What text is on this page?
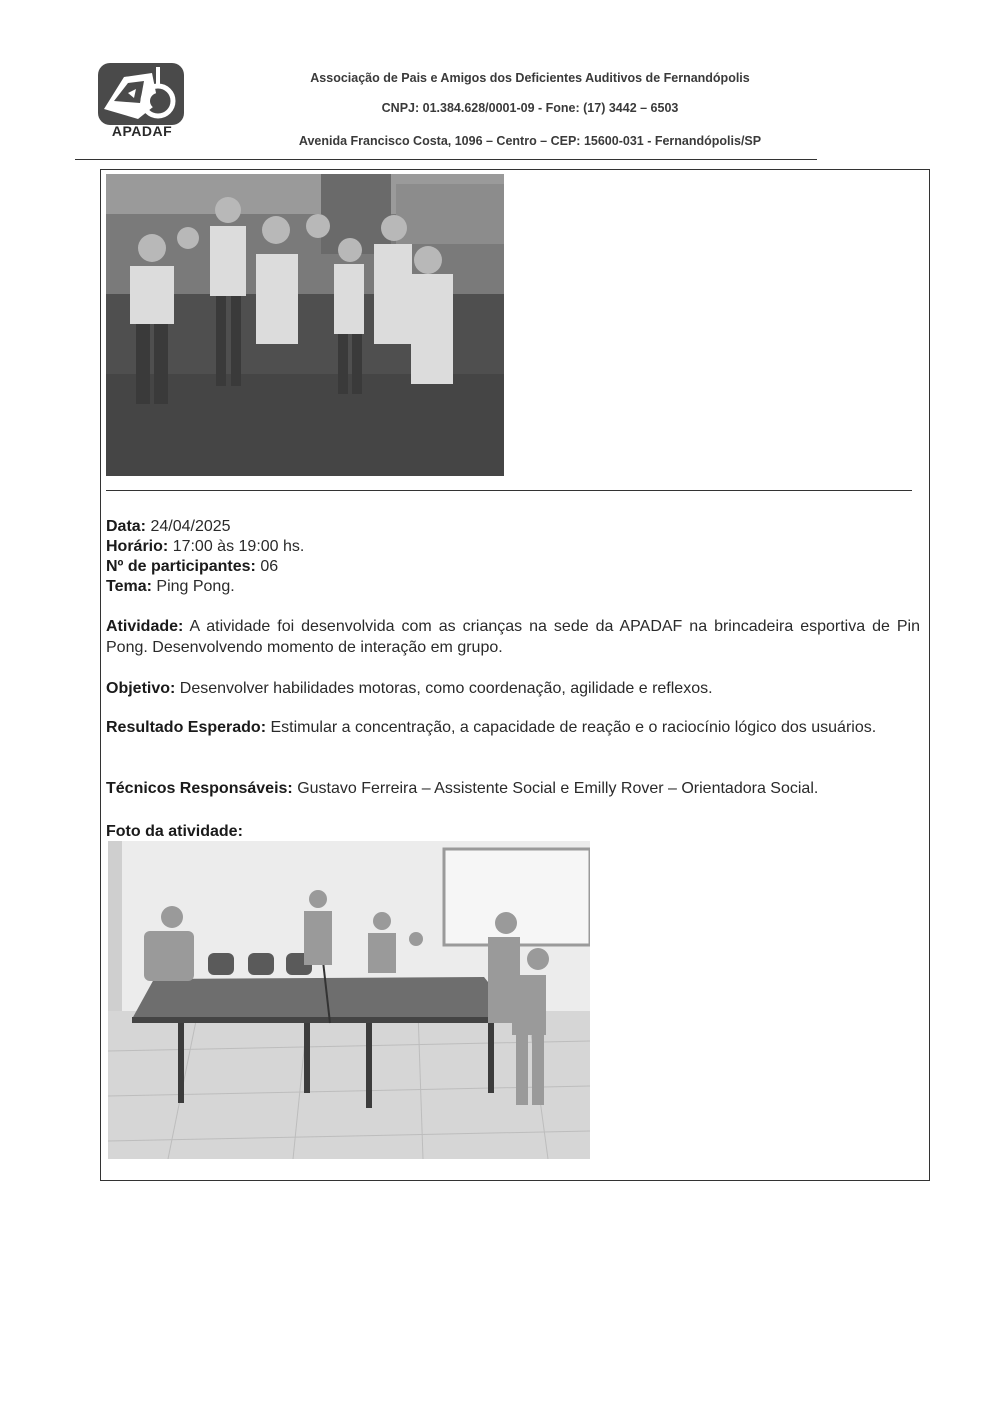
APADAF
Associação de Pais e Amigos dos Deficientes Auditivos de Fernandópolis
CNPJ: 01.384.628/0001-09 - Fone: (17) 3442 – 6503
Avenida Francisco Costa, 1096 – Centro – CEP: 15600-031 - Fernandópolis/SP
Data: 24/04/2025
Horário: 17:00 às 19:00 hs.
Nº de participantes: 06
Tema: Ping Pong.
Atividade: A atividade foi desenvolvida com as crianças na sede da APADAF na brincadeira esportiva de Pin Pong. Desenvolvendo momento de interação em grupo.
Objetivo: Desenvolver habilidades motoras, como coordenação, agilidade e reflexos.
Resultado Esperado: Estimular a concentração, a capacidade de reação e o raciocínio lógico dos usuários.
Técnicos Responsáveis: Gustavo Ferreira – Assistente Social e Emilly Rover – Orientadora Social.
Foto da atividade:
